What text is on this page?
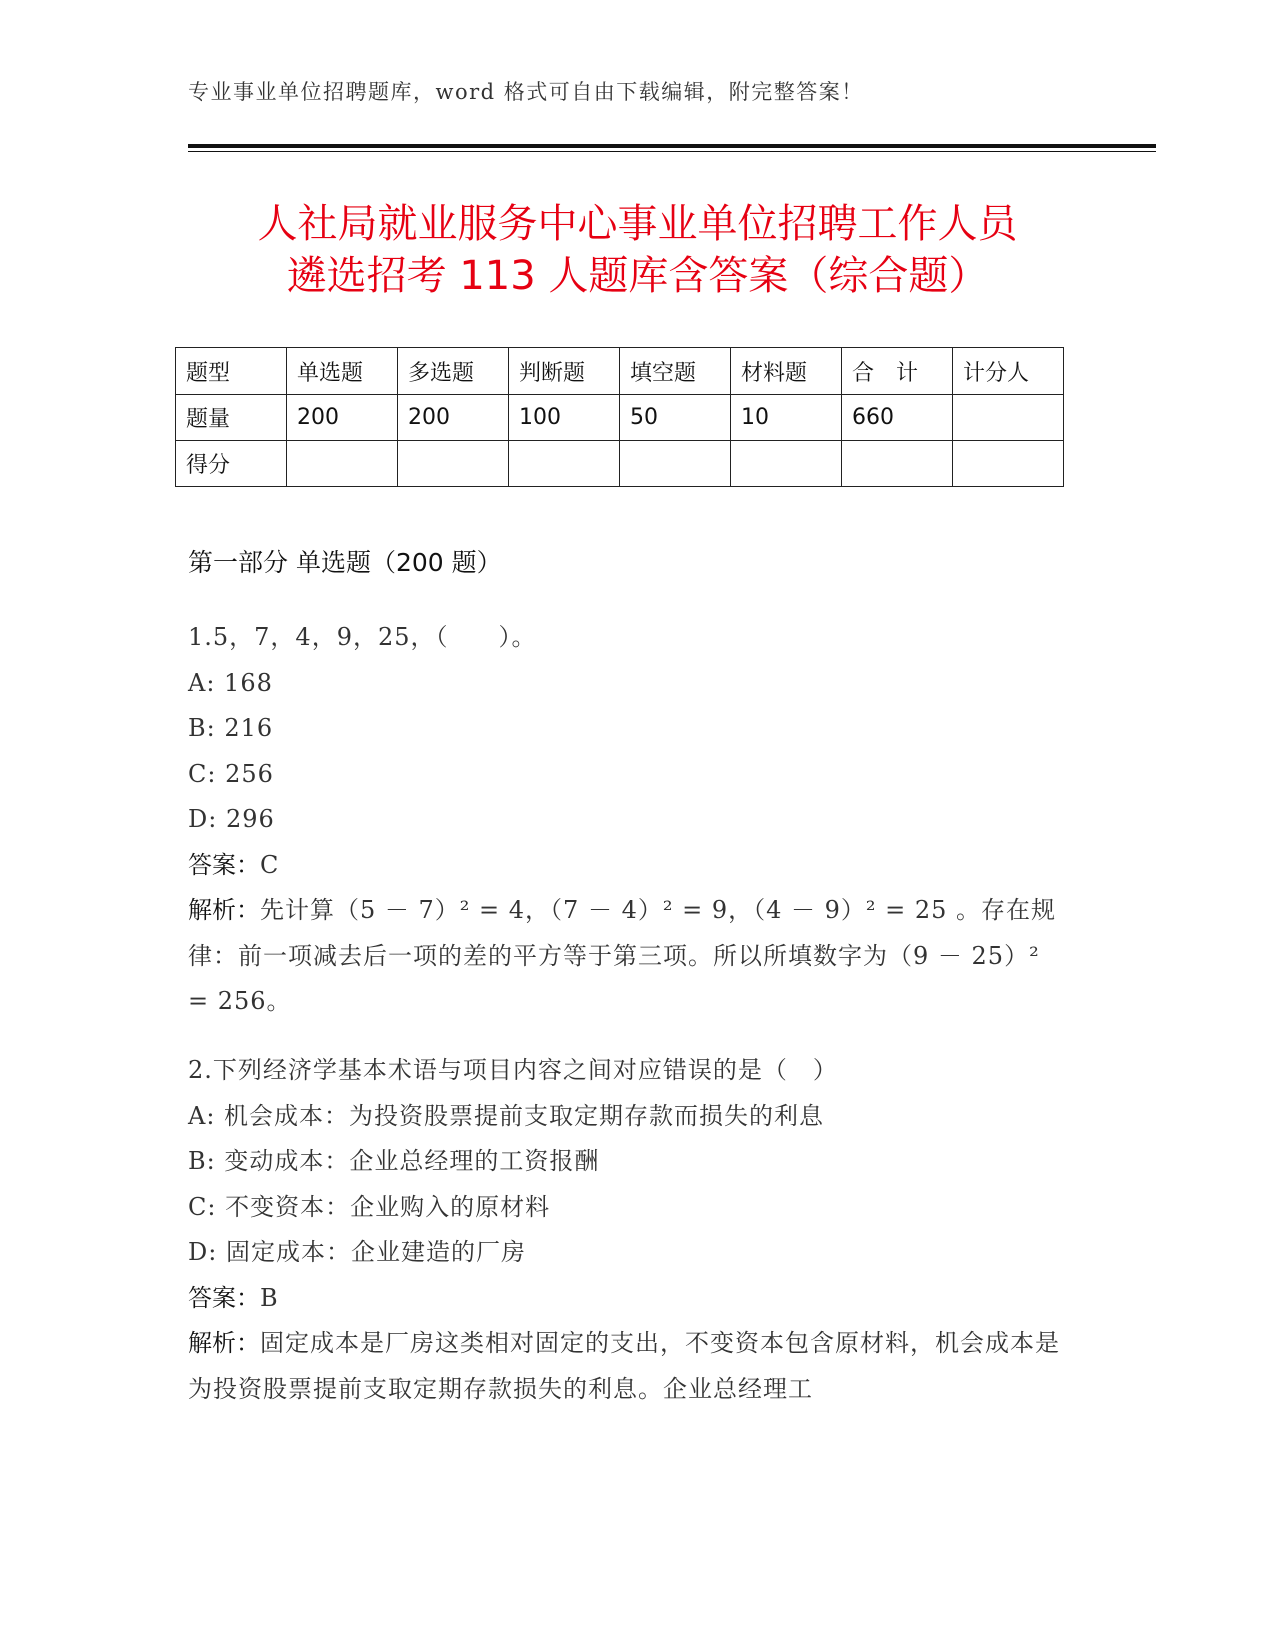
专业事业单位招聘题库，word 格式可自由下载编辑，附完整答案！
人社局就业服务中心事业单位招聘工作人员
遴选招考 113 人题库含答案（综合题）
题型	单选题	多选题	判断题	填空题	材料题	合　计	计分人
题量	200	200	100	50	10	660	
得分							
第一部分 单选题（200 题）
1.5，7，4，9，25，（　　）。
A: 168
B: 216
C: 256
D: 296
答案：C
解析：先计算（5 － 7）² = 4，（7 － 4）² = 9，（4 － 9）² = 25 。存在规律：前一项减去后一项的差的平方等于第三项。所以所填数字为（9 － 25）² = 256。
2.下列经济学基本术语与项目内容之间对应错误的是（　）
A: 机会成本：为投资股票提前支取定期存款而损失的利息
B: 变动成本：企业总经理的工资报酬
C: 不变资本：企业购入的原材料
D: 固定成本：企业建造的厂房
答案：B
解析：固定成本是厂房这类相对固定的支出，不变资本包含原材料，机会成本是为投资股票提前支取定期存款损失的利息。企业总经理工
